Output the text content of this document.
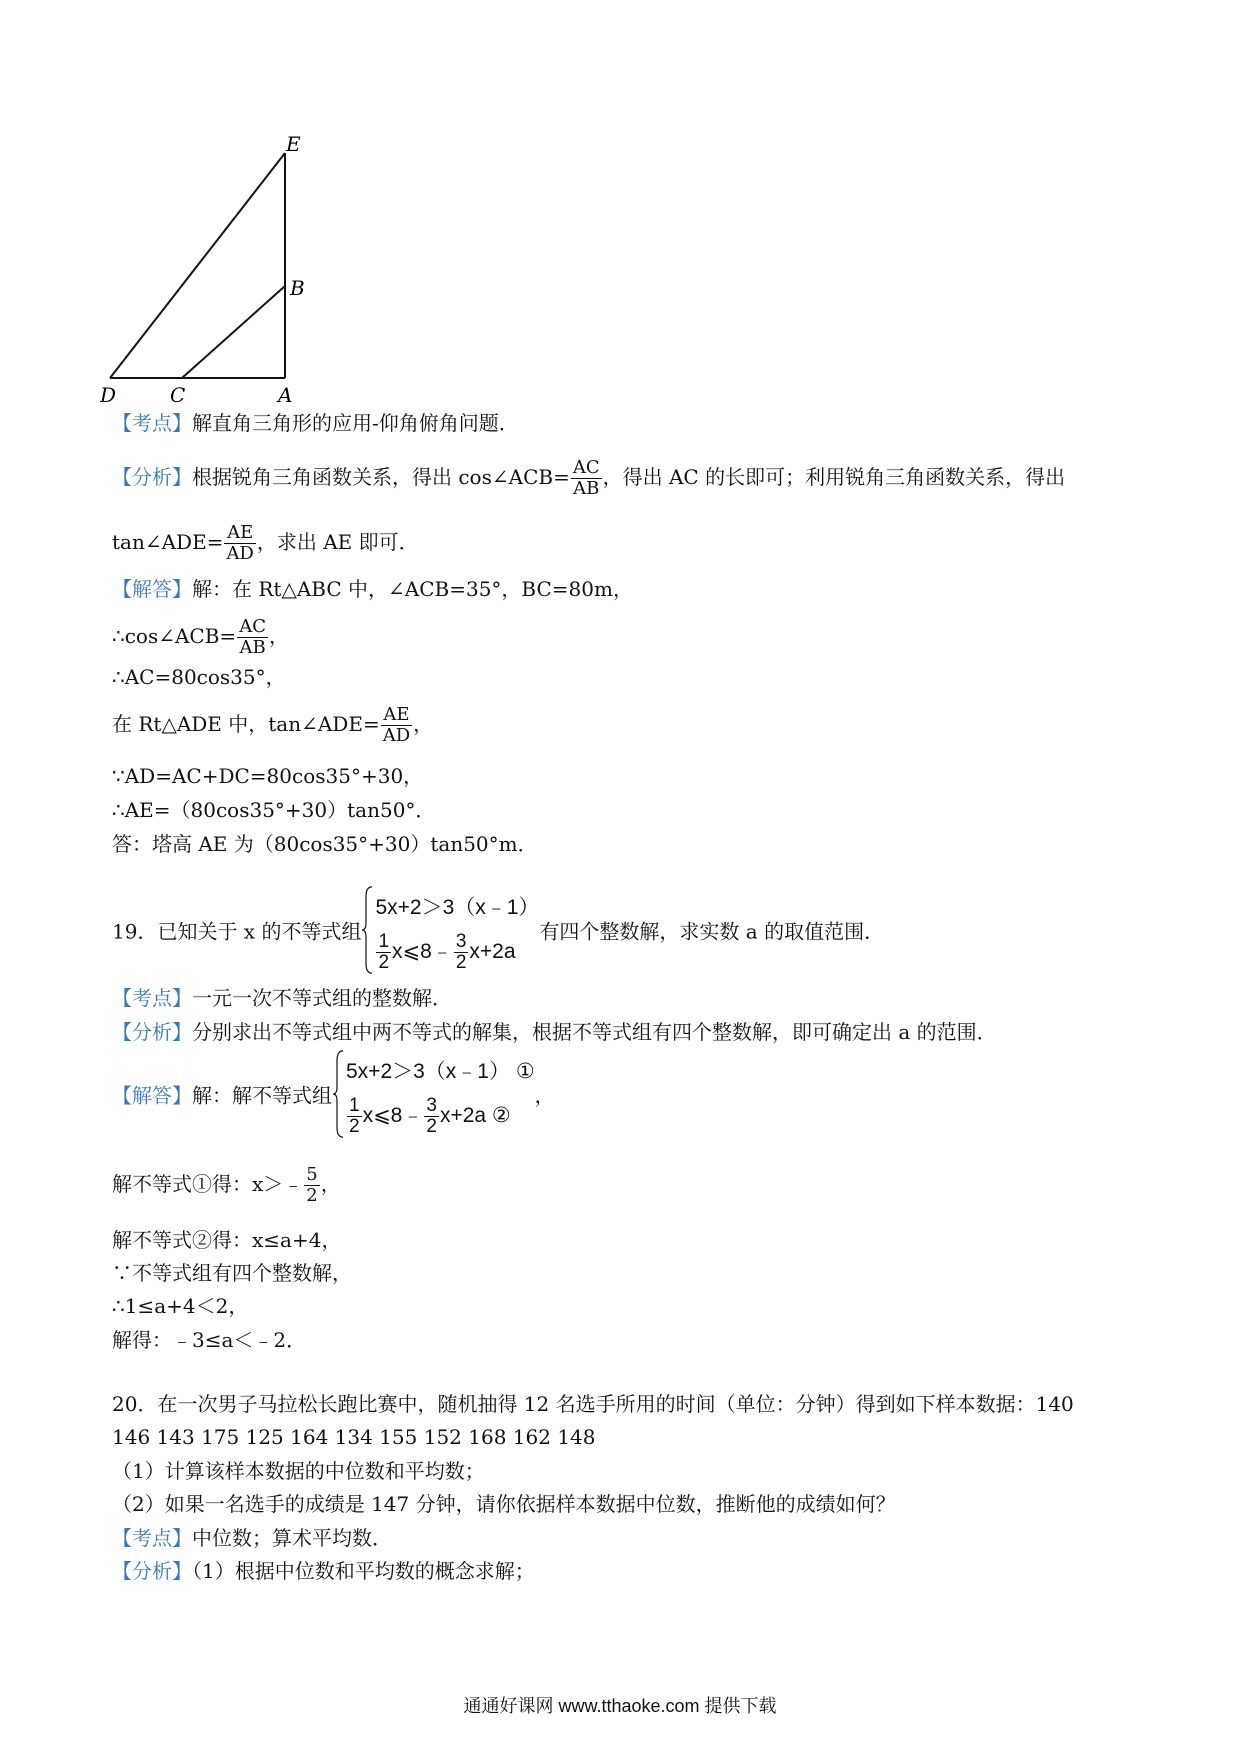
E
B
D	C	A
【考点】解直角三角形的应用-仰角俯角问题．
【分析】根据锐角三角函数关系，得出 cos∠ACB= $\frac{AC}{AB}$ ，得出 AC 的长即可；利用锐角三角函数关系，得出
tan∠ADE= $\frac{AE}{AD}$ ，求出 AE 即可．
【解答】解：在 Rt△ABC 中，∠ACB=35°，BC=80m，
∴cos∠ACB= $\frac{AC}{AB}$ ，
∴AC=80cos35°，
在 Rt△ADE 中，tan∠ADE= $\frac{AE}{AD}$ ，
∵AD=AC+DC=80cos35°+30，
∴AE=（80cos35°+30）tan50°．
答：塔高 AE 为（80cos35°+30）tan50°m．
19．已知关于 x 的不等式组
5x+2＞3（x﹣1）
$\frac{1}{2}$ x⩽8﹣ $\frac{3}{2} x+2a$
有四个整数解，求实数 a 的取值范围．
【考点】一元一次不等式组的整数解．
【分析】分别求出不等式组中两不等式的解集，根据不等式组有四个整数解，即可确定出 a 的范围．
【解答】解：解不等式组
5x+2＞3（x﹣1） ①
$\frac{1}{2}$ x⩽8﹣ $\frac{3}{2} x+2a$ ②
，
解不等式①得：x＞﹣ $\frac{5}{2}$ ，
解不等式②得：x≤a+4，
∵不等式组有四个整数解，
∴1≤a+4＜2，
解得：﹣3≤a＜﹣2．
20．在一次男子马拉松长跑比赛中，随机抽得 12 名选手所用的时间（单位：分钟）得到如下样本数据：140
146 143 175 125 164 134 155 152 168 162 148
（1）计算该样本数据的中位数和平均数；
（2）如果一名选手的成绩是 147 分钟，请你依据样本数据中位数，推断他的成绩如何？
【考点】中位数；算术平均数．
【分析】（1）根据中位数和平均数的概念求解；
通通好课网 www.tthaoke.com 提供下载
